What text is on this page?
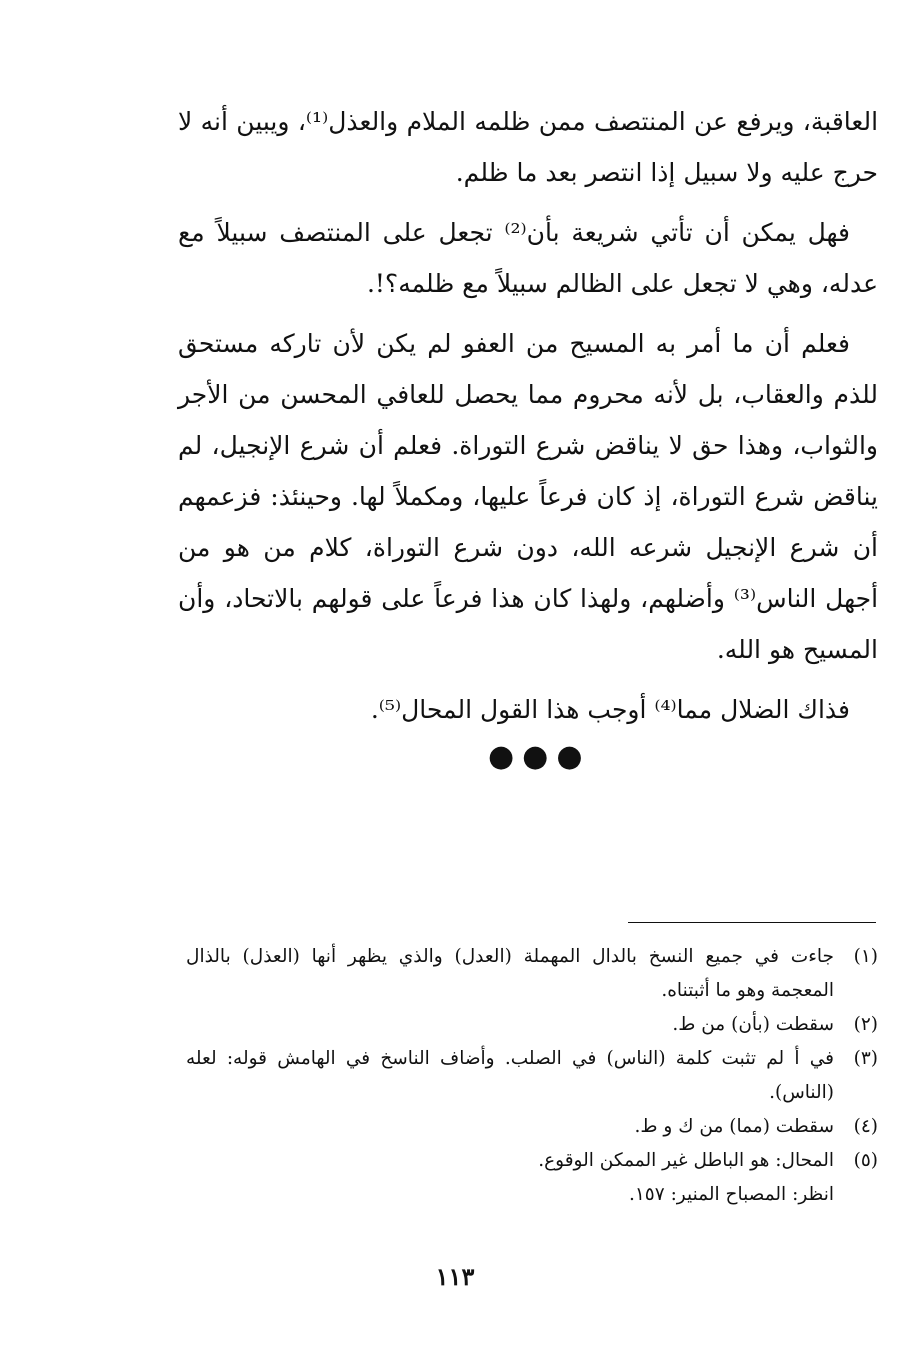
العاقبة، ويرفع عن المنتصف ممن ظلمه الملام والعذل⁽¹⁾، ويبين أنه لا حرج عليه ولا سبيل إذا انتصر بعد ما ظلم.

فهل يمكن أن تأتي شريعة بأن⁽²⁾ تجعل على المنتصف سبيلاً مع عدله، وهي لا تجعل على الظالم سبيلاً مع ظلمه؟!.

فعلم أن ما أمر به المسيح من العفو لم يكن لأن تاركه مستحق للذم والعقاب، بل لأنه محروم مما يحصل للعافي المحسن من الأجر والثواب، وهذا حق لا يناقض شرع التوراة. فعلم أن شرع الإنجيل، لم يناقض شرع التوراة، إذ كان فرعاً عليها، ومكملاً لها. وحينئذ: فزعمهم أن شرع الإنجيل شرعه الله، دون شرع التوراة، كلام من هو من أجهل الناس⁽³⁾ وأضلهم، ولهذا كان هذا فرعاً على قولهم بالاتحاد، وأن المسيح هو الله.

فذاك الضلال مما⁽⁴⁾ أوجب هذا القول المحال⁽⁵⁾.

●●●
(١)
جاءت في جميع النسخ بالدال المهملة (العدل) والذي يظهر أنها (العذل) بالذال المعجمة وهو ما أثبتناه.
(٢)
سقطت (بأن) من ط.
(٣)
في أ لم تثبت كلمة (الناس) في الصلب. وأضاف الناسخ في الهامش قوله: لعله (الناس).
(٤)
سقطت (مما) من ك و ط.
(٥)
المحال: هو الباطل غير الممكن الوقوع.
انظر: المصباح المنير: ١٥٧.
١١٣
